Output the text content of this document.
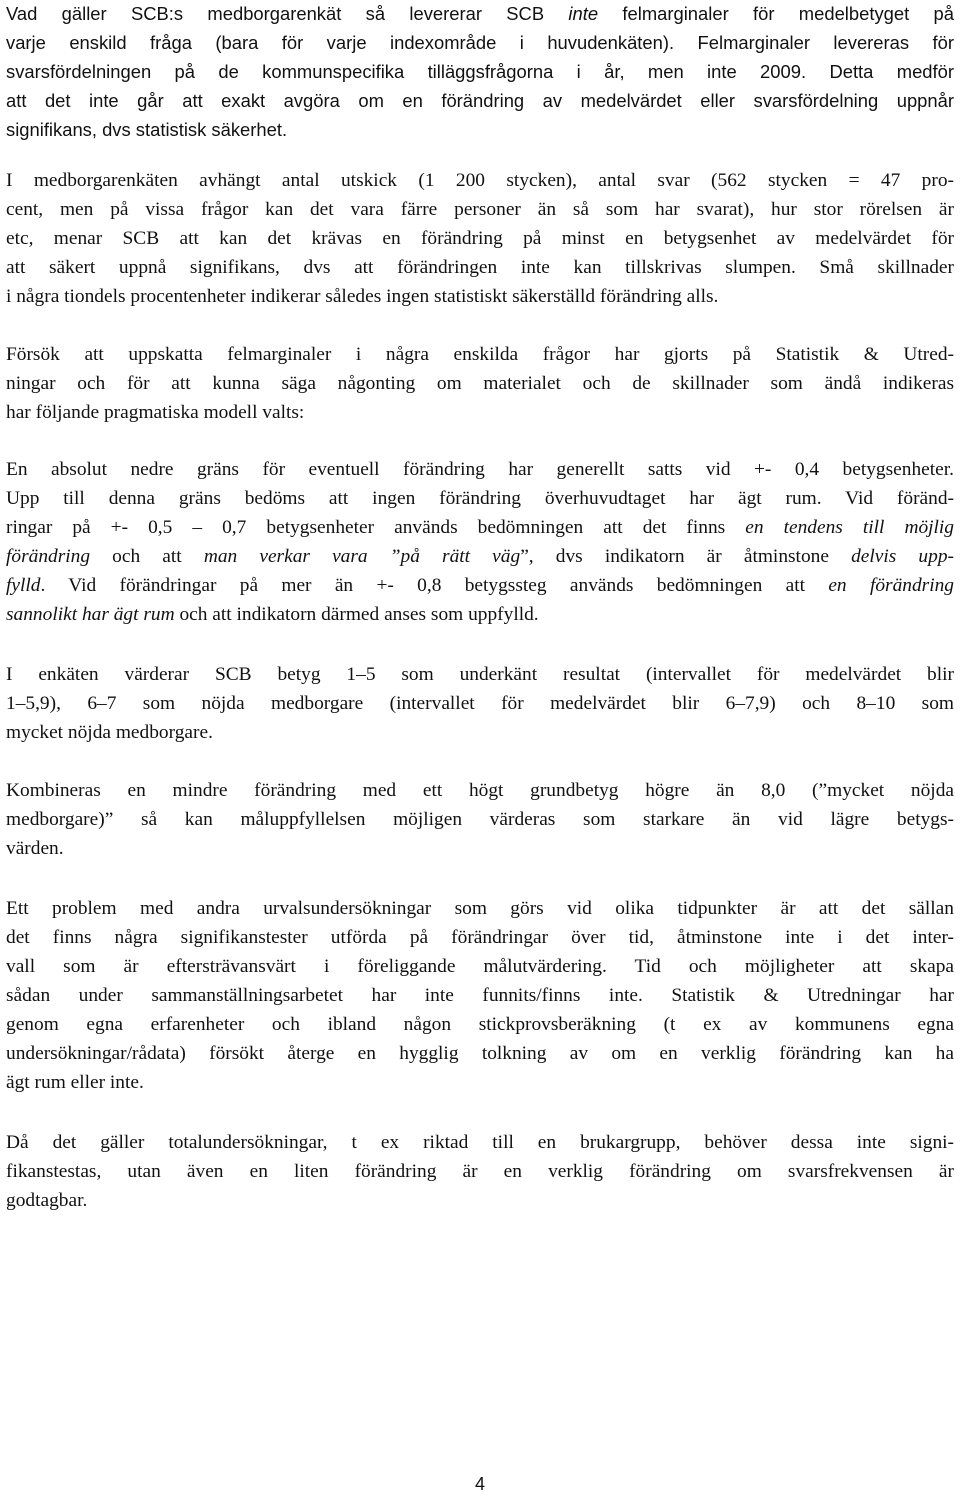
Vad gäller SCB:s medborgarenkät så levererar SCB inte felmarginaler för medelbetyget på
varje enskild fråga (bara för varje indexområde i huvudenkäten). Felmarginaler levereras för
svarsfördelningen på de kommunspecifika tilläggsfrågorna i år, men inte 2009. Detta medför
att det inte går att exakt avgöra om en förändring av medelvärdet eller svarsfördelning uppnår
signifikans, dvs statistisk säkerhet.

I medborgarenkäten avhängt antal utskick (1 200 stycken), antal svar (562 stycken = 47 pro-
cent, men på vissa frågor kan det vara färre personer än så som har svarat), hur stor rörelsen är
etc, menar SCB att kan det krävas en förändring på minst en betygsenhet av medelvärdet för
att säkert uppnå signifikans, dvs att förändringen inte kan tillskrivas slumpen. Små skillnader
i några tiondels procentenheter indikerar således ingen statistiskt säkerställd förändring alls.

Försök att uppskatta felmarginaler i några enskilda frågor har gjorts på Statistik & Utred-
ningar och för att kunna säga någonting om materialet och de skillnader som ändå indikeras
har följande pragmatiska modell valts:

En absolut nedre gräns för eventuell förändring har generellt satts vid +- 0,4 betygsenheter.
Upp till denna gräns bedöms att ingen förändring överhuvudtaget har ägt rum. Vid föränd-
ringar på +- 0,5 – 0,7 betygsenheter används bedömningen att det finns en tendens till möjlig
förändring och att man verkar vara ”på rätt väg”, dvs indikatorn är åtminstone delvis upp-
fylld. Vid förändringar på mer än +- 0,8 betygssteg används bedömningen att en förändring
sannolikt har ägt rum och att indikatorn därmed anses som uppfylld.

I enkäten värderar SCB betyg 1–5 som underkänt resultat (intervallet för medelvärdet blir
1–5,9), 6–7 som nöjda medborgare (intervallet för medelvärdet blir 6–7,9) och 8–10 som
mycket nöjda medborgare.

Kombineras en mindre förändring med ett högt grundbetyg högre än 8,0 (”mycket nöjda
medborgare)” så kan måluppfyllelsen möjligen värderas som starkare än vid lägre betygs-
värden.

Ett problem med andra urvalsundersökningar som görs vid olika tidpunkter är att det sällan
det finns några signifikanstester utförda på förändringar över tid, åtminstone inte i det inter-
vall som är eftersträvansvärt i föreliggande målutvärdering. Tid och möjligheter att skapa
sådan under sammanställningsarbetet har inte funnits/finns inte. Statistik & Utredningar har
genom egna erfarenheter och ibland någon stickprovsberäkning (t ex av kommunens egna
undersökningar/rådata) försökt återge en hygglig tolkning av om en verklig förändring kan ha
ägt rum eller inte.

Då det gäller totalundersökningar, t ex riktad till en brukargrupp, behöver dessa inte signi-
fikanstestas, utan även en liten förändring är en verklig förändring om svarsfrekvensen är
godtagbar.

4
